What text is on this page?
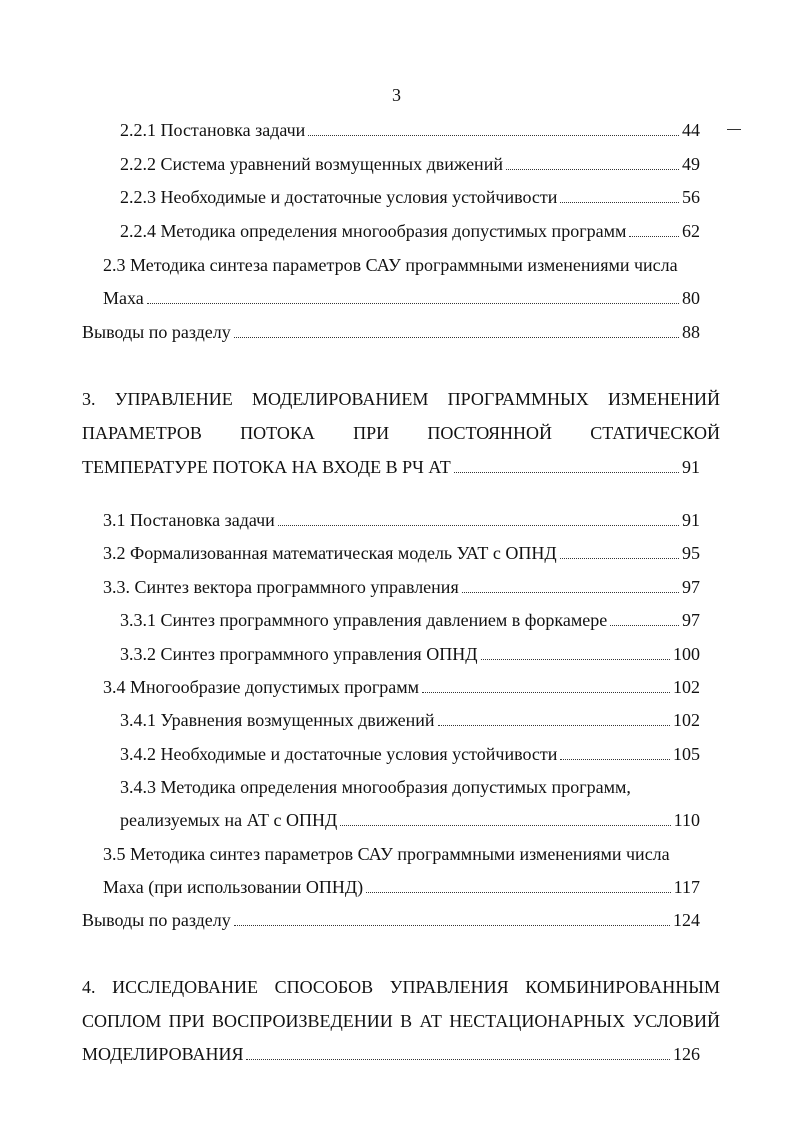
3
2.2.1 Постановка задачи	44
2.2.2 Система уравнений возмущенных движений	49
2.2.3 Необходимые и достаточные условия устойчивости	56
2.2.4 Методика определения многообразия допустимых программ	62
2.3 Методика синтеза параметров САУ программными изменениями числа
Маха	80
Выводы по разделу	88
3. УПРАВЛЕНИЕ МОДЕЛИРОВАНИЕМ ПРОГРАММНЫХ ИЗМЕНЕНИЙ
ПАРАМЕТРОВ ПОТОКА ПРИ ПОСТОЯННОЙ СТАТИЧЕСКОЙ
ТЕМПЕРАТУРЕ ПОТОКА НА ВХОДЕ В РЧ АТ	91
3.1 Постановка задачи	91
3.2 Формализованная математическая модель УАТ с ОПНД	95
3.3. Синтез вектора программного управления	97
3.3.1 Синтез программного управления давлением в форкамере	97
3.3.2 Синтез программного управления ОПНД	100
3.4 Многообразие допустимых программ	102
3.4.1 Уравнения возмущенных движений	102
3.4.2 Необходимые и достаточные условия устойчивости	105
3.4.3 Методика определения многообразия допустимых программ,
реализуемых на АТ с ОПНД	110
3.5 Методика синтез параметров САУ программными изменениями числа
Маха (при использовании ОПНД)	117
Выводы по разделу	124
4. ИССЛЕДОВАНИЕ СПОСОБОВ УПРАВЛЕНИЯ КОМБИНИРОВАННЫМ
СОПЛОМ ПРИ ВОСПРОИЗВЕДЕНИИ В АТ НЕСТАЦИОНАРНЫХ УСЛОВИЙ
МОДЕЛИРОВАНИЯ	126
